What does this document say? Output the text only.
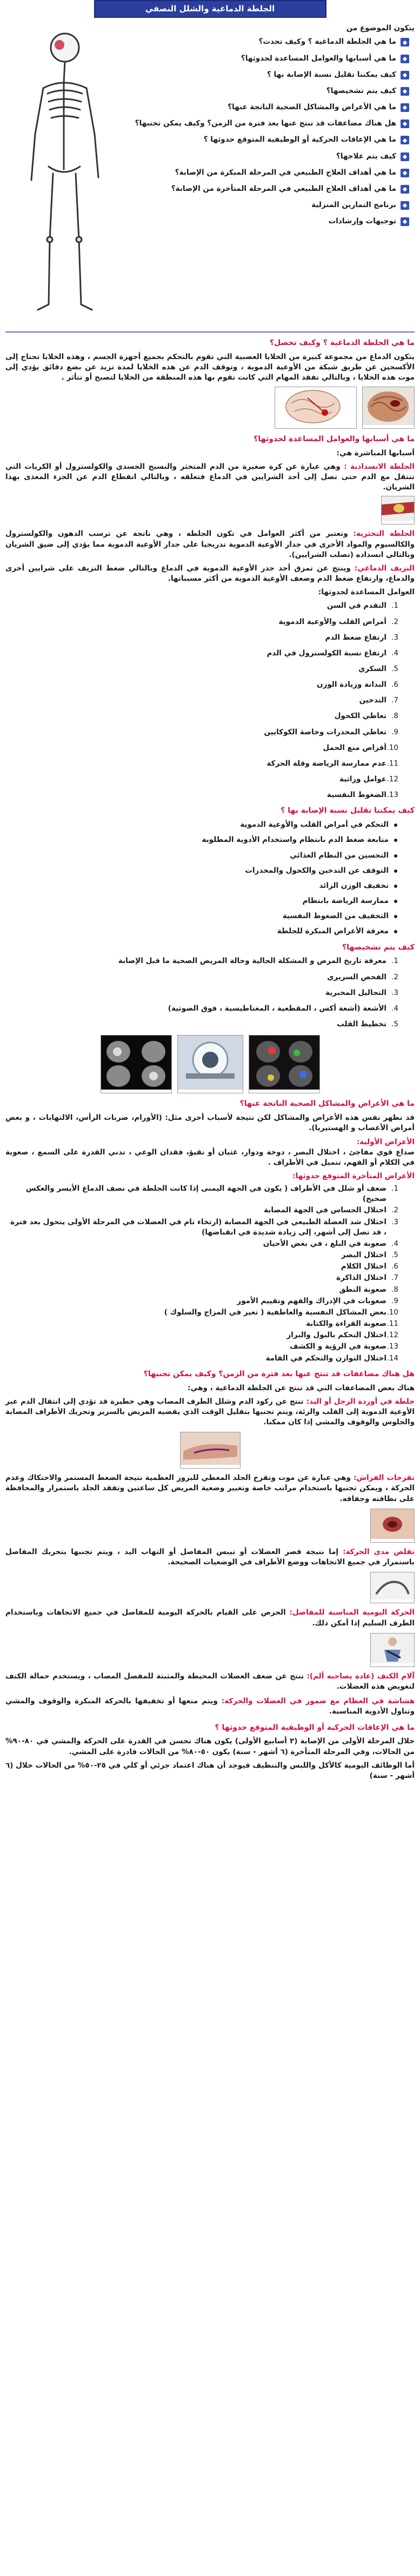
الجلطة الدماغية والشلل النصفي
يتكون الموضوع من
◆
ما هي الجلطة الدماغية ؟ وكيف تحدث؟
◆
ما هي أسبابها والعوامل المساعدة لحدوثها؟
◆
كيف يمكننا تقليل نسبة الإصابة بها ؟
◆
كيف يتم تشخيصها؟
◆
ما هي الأعراض والمشاكل الصحية الناتجة عنها؟
◆
هل هناك مضاعفات قد تنتج عنها بعد فترة من الزمن؟ وكيف يمكن تجنبها؟
◆
ما هي الإعاقات الحركية أو الوظيفية المتوقع حدوثها ؟
◆
كيف يتم علاجها؟
◆
ما هي أهداف العلاج الطبيعي في المرحلة المبكرة من الإصابة؟
◆
ما هي أهداف العلاج الطبيعي في المرحلة المتأخرة من الإصابة؟
◆
برنامج التمارين المنزلية
◆
توجيهات وإرشادات
ما هي الجلطة الدماغية ؟ وكيف تحصل؟
يتكون الدماغ من مجموعة كبيرة من الخلايا العصبية التي تقوم بالتحكم بجميع أجهزة الجسم ، وهذه الخلايا تحتاج إلى الأكسجين عن طريق شبكة من الأوعية الدموية ، وتوقف الدم عن هذه الخلايا لمدة تزيد عن بضع دقائق يؤدي إلى موت هذه الخلايا ، وبالتالي تفقد المهام التي كانت تقوم بها هذه المنطقة من الخلايا لتصبح أو تتأثر .
ما هي أسبابها والعوامل المساعدة لحدوثها؟
أسبابها المباشرة هي:
الجلطة الانسدادية : وهي عبارة عن كرة صغيرة من الدم المتخثر والنسيج الجسدي والكولسترول أو الكريات التي تنتقل مع الدم حتى تصل إلى أحد الشرايين في الدماغ فتغلقه ، وبالتالي انقطاع الدم عن الجزء المغذى بهذا الشريان.
الجلطة التخثرية: وتعتبر من أكثر العوامل في تكون الجلطة ، وهي ناتجة عن ترسب الدهون والكولسترول والكالسيوم والمواد الأخرى في جدار الأوعية الدموية تدريجيا على جدار الأوعية الدموية مما يؤدي إلى ضيق الشريان وبالتالي انسداده (تصلب الشرايين).
النزيف الدماغي: وينتج عن تمزق أحد جدر الأوعية الدموية في الدماغ وبالتالي ضغط النزيف على شرايين أخرى والدماغ، وارتفاع ضغط الدم وضعف الأوعية الدموية من أكثر مسبباتها.
العوامل المساعدة لحدوثها:
التقدم في السن
أمراض القلب والأوعية الدموية
ارتفاع ضغط الدم
ارتفاع نسبة الكولسترول في الدم
السكري
البدانة وزيادة الوزن
التدخين
تعاطي الكحول
تعاطي المخدرات وخاصة الكوكايين
أقراص منع الحمل
عدم ممارسة الرياضة وقلة الحركة
عوامل وراثية
الضغوط النفسية
كيف يمكننا تقليل نسبة الإصابة بها ؟
التحكم في أمراض القلب والأوعية الدموية
متابعة ضغط الدم بانتظام واستخدام الأدوية المطلوبة
التحسين من النظام الغذائي
التوقف عن التدخين والكحول والمخدرات
تخفيف الوزن الزائد
ممارسة الرياضة بانتظام
التخفيف من الضغوط النفسية
معرفة الأعراض المبكرة للجلطة
كيف يتم تشخيصها؟
معرفة تاريخ المرض و المشكلة الحالية وحالة المريض الصحية ما قبل الإصابة
الفحص السريري
التحاليل المخبرية
الأشعة (أشعة أكس ، المقطعية ، المغناطيسية ، فوق الصوتية)
تخطيط القلب
ما هي الأعراض والمشاكل الصحية الناتجة عنها؟
قد تظهر نفس هذه الأعراض والمشاكل لكن نتيجة لأسباب أخرى مثل: (الأورام، ضربات الرأس، الالتهابات ، و بعض أمراض الأعصاب و الهستيريا).
الأعراض الأولية:
صداع قوي مفاجئ ، اختلال البصر ، دوخة ودوار، غثيان أو تقيؤ، فقدان الوعي ، تدني القدرة على السمع ، صعوبة في الكلام أو الفهم، تنميل في الأطراف .
الأعراض المتأخرة المتوقع حدوثها:
ضعف أو شلل في الأطراف ( يكون في الجهة اليمنى إذا كانت الجلطة في نصف الدماغ الأيسر والعكس صحيح)
اختلال الحساس في الجهة المصابة
اختلال شد العضلة الطبيعي في الجهة المصابة (ارتخاء تام في العضلات في المرحلة الأولى يتحول بعد فترة ، قد تصل إلى أشهر، إلى زيادة شديدة في انقباضها)
صعوبة في البلع ، في بعض الأحيان
اختلال البصر
اختلال الكلام
اختلال الذاكرة
صعوبة النطق
صعوبات في الإدراك والفهم وتقييم الأمور
بعض المشاكل النفسية والعاطفية ( تغير في المزاج والسلوك )
صعوبة القراءة والكتابة
اختلال التحكم بالبول والبراز
صعوبة في الرؤية و الكشف
اختلال التوازن والتحكم في القامة
هل هناك مضاعفات قد تنتج عنها بعد فترة من الزمن؟ وكيف يمكن تجنبها؟
هناك بعض المضاعفات التي قد تنتج عن الجلطة الدماغية ، وهي:
جلطة في أوردة الرجل أو اليد: تنتج عن ركود الدم وشلل الطرف المصاب وهي خطيرة قد تؤدي إلى انتقال الدم عبر الأوعية الدموية إلى القلب والرئة، ويتم تجنبها بتقليل الوقت الذي يقضيه المريض بالسرير وتحريك الأطراف المصابة والجلوس والوقوف والمشي إذا كان ممكنا.
تقرحات الفراش: وهي عبارة عن موت وتقرح الجلد المغطي للبروز العظمية نتيجة الضغط المستمر والاحتكاك وعدم الحركة ، ويمكن تجنبها باستخدام مراتب خاصة وتغيير وضعية المريض كل ساعتين وتفقد الجلد باستمرار والمحافظة على نظافته وجفافه.
تقلص مدى الحركة: إما نتيجة قصر العضلات أو تيبس المفاصل أو التهاب اليد ، ويتم تجنبها بتحريك المفاصل باستمرار في جميع الاتجاهات ووضع الأطراف في الوضعيات الصحيحة.
الحركة اليومية المناسبة للمفاصل: الحرص على القيام بالحركة اليومية للمفاصل في جميع الاتجاهات وباستخدام الطرف السليم إذا أمكن ذلك.
آلام الكتف (عادة يصاحبه ألم): تنتج عن ضعف العضلات المحيطة والمثبتة للمفصل المصاب ، ويستخدم حمالة الكتف لتعويض هذه العضلات.
هشاشة في العظام مع ضمور في العضلات والحركة: ويتم منعها أو تخفيفها بالحركة المبكرة والوقوف والمشي وتناول الأدوية المناسبة.
ما هي الإعاقات الحركية أو الوظيفية المتوقع حدوثها ؟
خلال المرحلة الأولى من الإصابة (٣ أسابيع الأولى) يكون هناك تحسن في القدرة على الحركة والمشي في ٨٠-٩٠% من الحالات، وفي المرحلة المتأخرة (٦ أشهر - سنة) يكون ٥٠-٨٠% من الحالات قادرة على المشي.
أما الوظائف اليومية كالأكل واللبس والتنظيف فيوجد أن هناك اعتماد جزئي أو كلي في ٢٥-٥٠% من الحالات خلال (٦ أشهر - سنة)
